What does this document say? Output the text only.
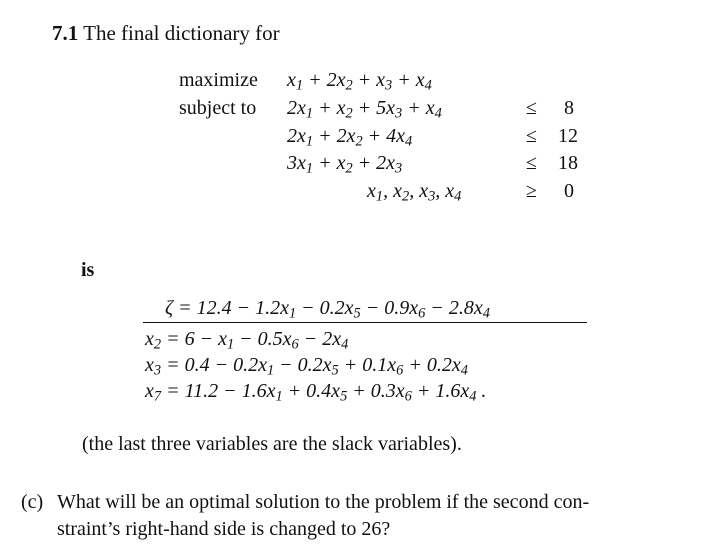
7.1 The final dictionary for
maximize $x_1 + 2x_2 + x_3 + x_4$
subject to $2x_1 + x_2 + 5x_3 + x_4$	≤ 8
$2x_1 + 2x_2 + 4x_4$	≤ 12
$3x_1 + x_2 + 2x_3$	≤ 18
$x_1$, $x_2$, $x_3$, $x_4$	≥ 0
is
$\zeta = 12.4 - 1.2x_1 - 0.2x_5 - 0.9x_6 - 2.8x_4$
$x_2 = 6 - x_1 - 0.5x_6 - 2x_4$
$x_3 = 0.4 - 0.2x_1 - 0.2x_5 + 0.1x_6 + 0.2x_4$
$x_7 = 11.2 - 1.6x_1 + 0.4x_5 + 0.3x_6 + 1.6x_4$ .
(the last three variables are the slack variables).
(c) What will be an optimal solution to the problem if the second con-
straint’s right-hand side is changed to 26?
